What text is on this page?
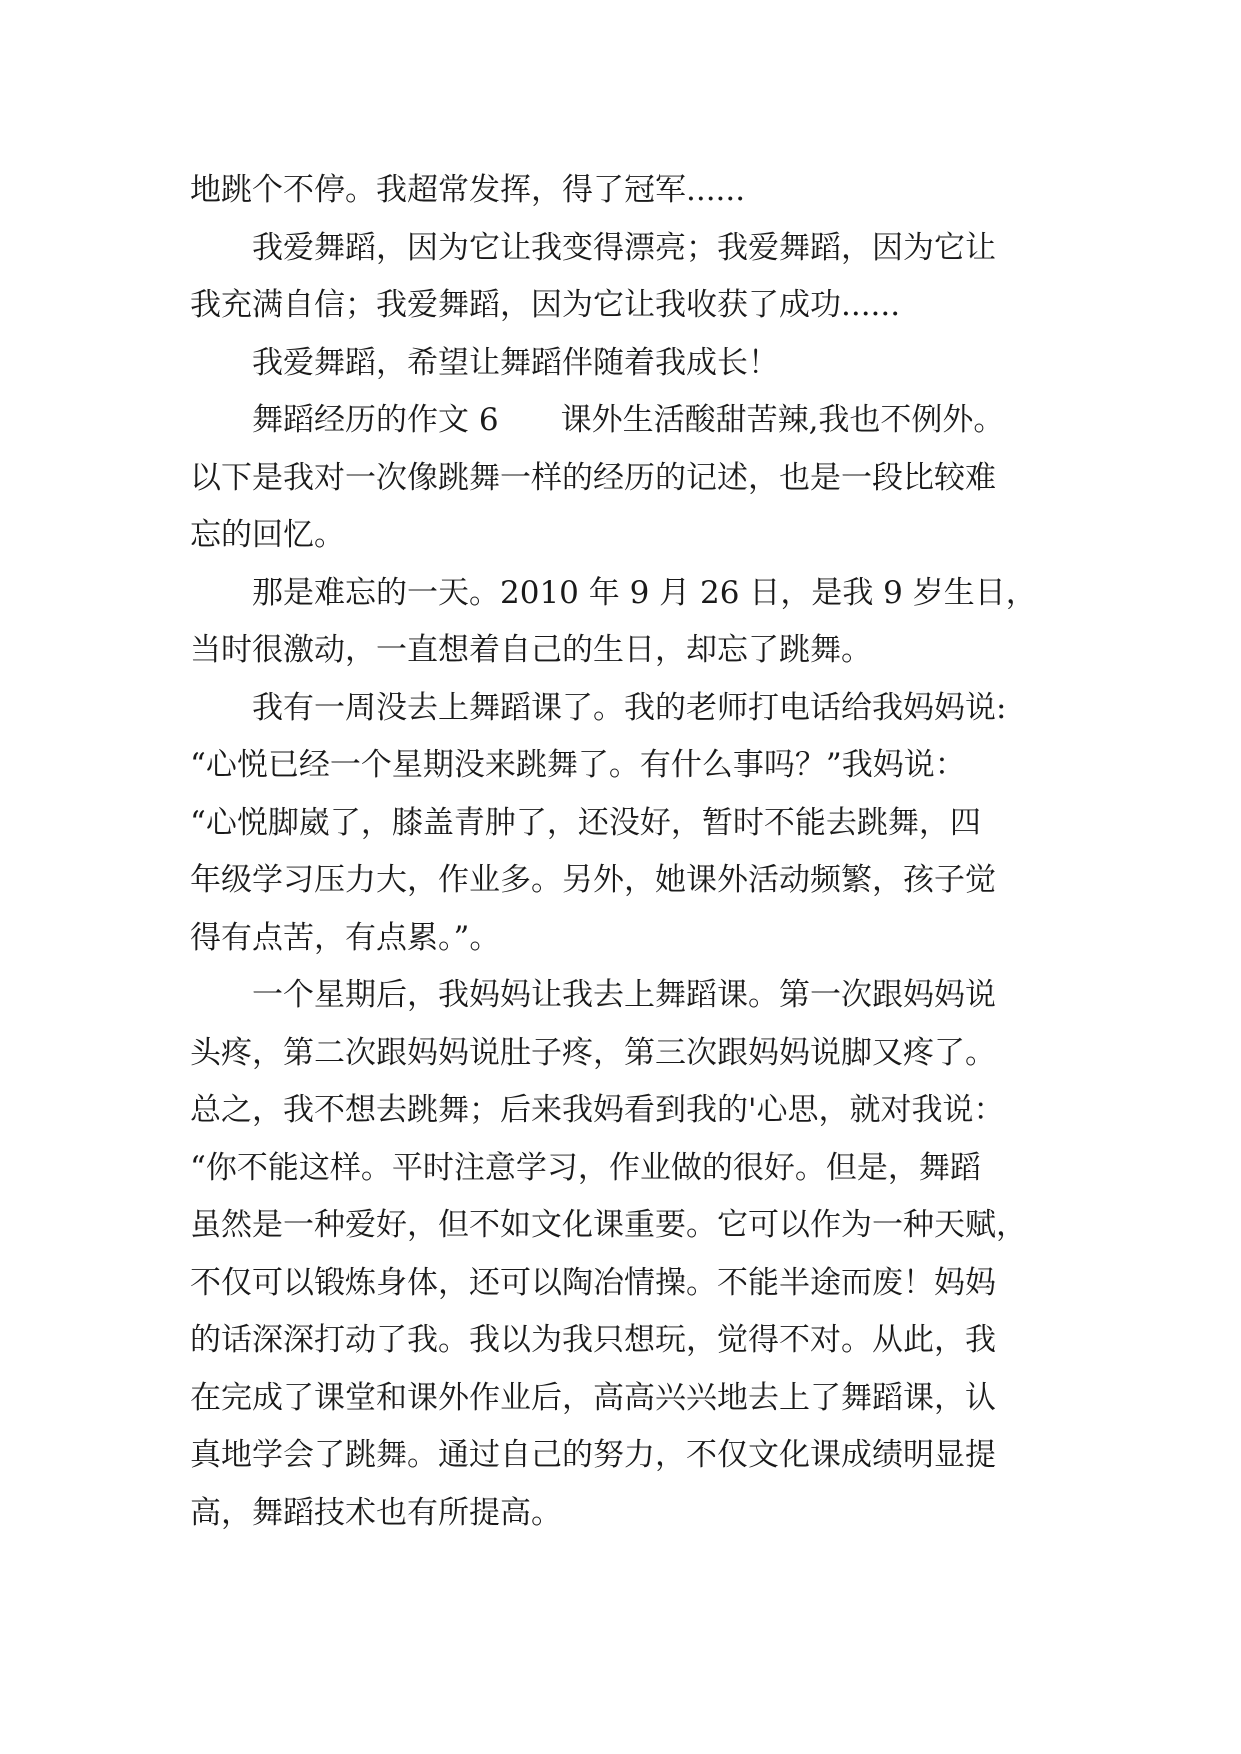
地跳个不停。我超常发挥，得了冠军......
　　我爱舞蹈，因为它让我变得漂亮；我爱舞蹈，因为它让
我充满自信；我爱舞蹈，因为它让我收获了成功......
　　我爱舞蹈，希望让舞蹈伴随着我成长！
　　舞蹈经历的作文 6　　课外生活酸甜苦辣,我也不例外。
以下是我对一次像跳舞一样的经历的记述，也是一段比较难
忘的回忆。
　　那是难忘的一天。2010 年 9 月 26 日，是我 9 岁生日，
当时很激动，一直想着自己的生日，却忘了跳舞。
　　我有一周没去上舞蹈课了。我的老师打电话给我妈妈说:
“心悦已经一个星期没来跳舞了。有什么事吗？”我妈说：
“心悦脚崴了，膝盖青肿了，还没好，暂时不能去跳舞，四
年级学习压力大，作业多。另外，她课外活动频繁，孩子觉
得有点苦，有点累。”。
　　一个星期后，我妈妈让我去上舞蹈课。第一次跟妈妈说
头疼，第二次跟妈妈说肚子疼，第三次跟妈妈说脚又疼了。
总之，我不想去跳舞；后来我妈看到我的'心思，就对我说：
“你不能这样。平时注意学习，作业做的很好。但是，舞蹈
虽然是一种爱好，但不如文化课重要。它可以作为一种天赋，
不仅可以锻炼身体，还可以陶冶情操。不能半途而废！妈妈
的话深深打动了我。我以为我只想玩，觉得不对。从此，我
在完成了课堂和课外作业后，高高兴兴地去上了舞蹈课，认
真地学会了跳舞。通过自己的努力，不仅文化课成绩明显提
高，舞蹈技术也有所提高。
